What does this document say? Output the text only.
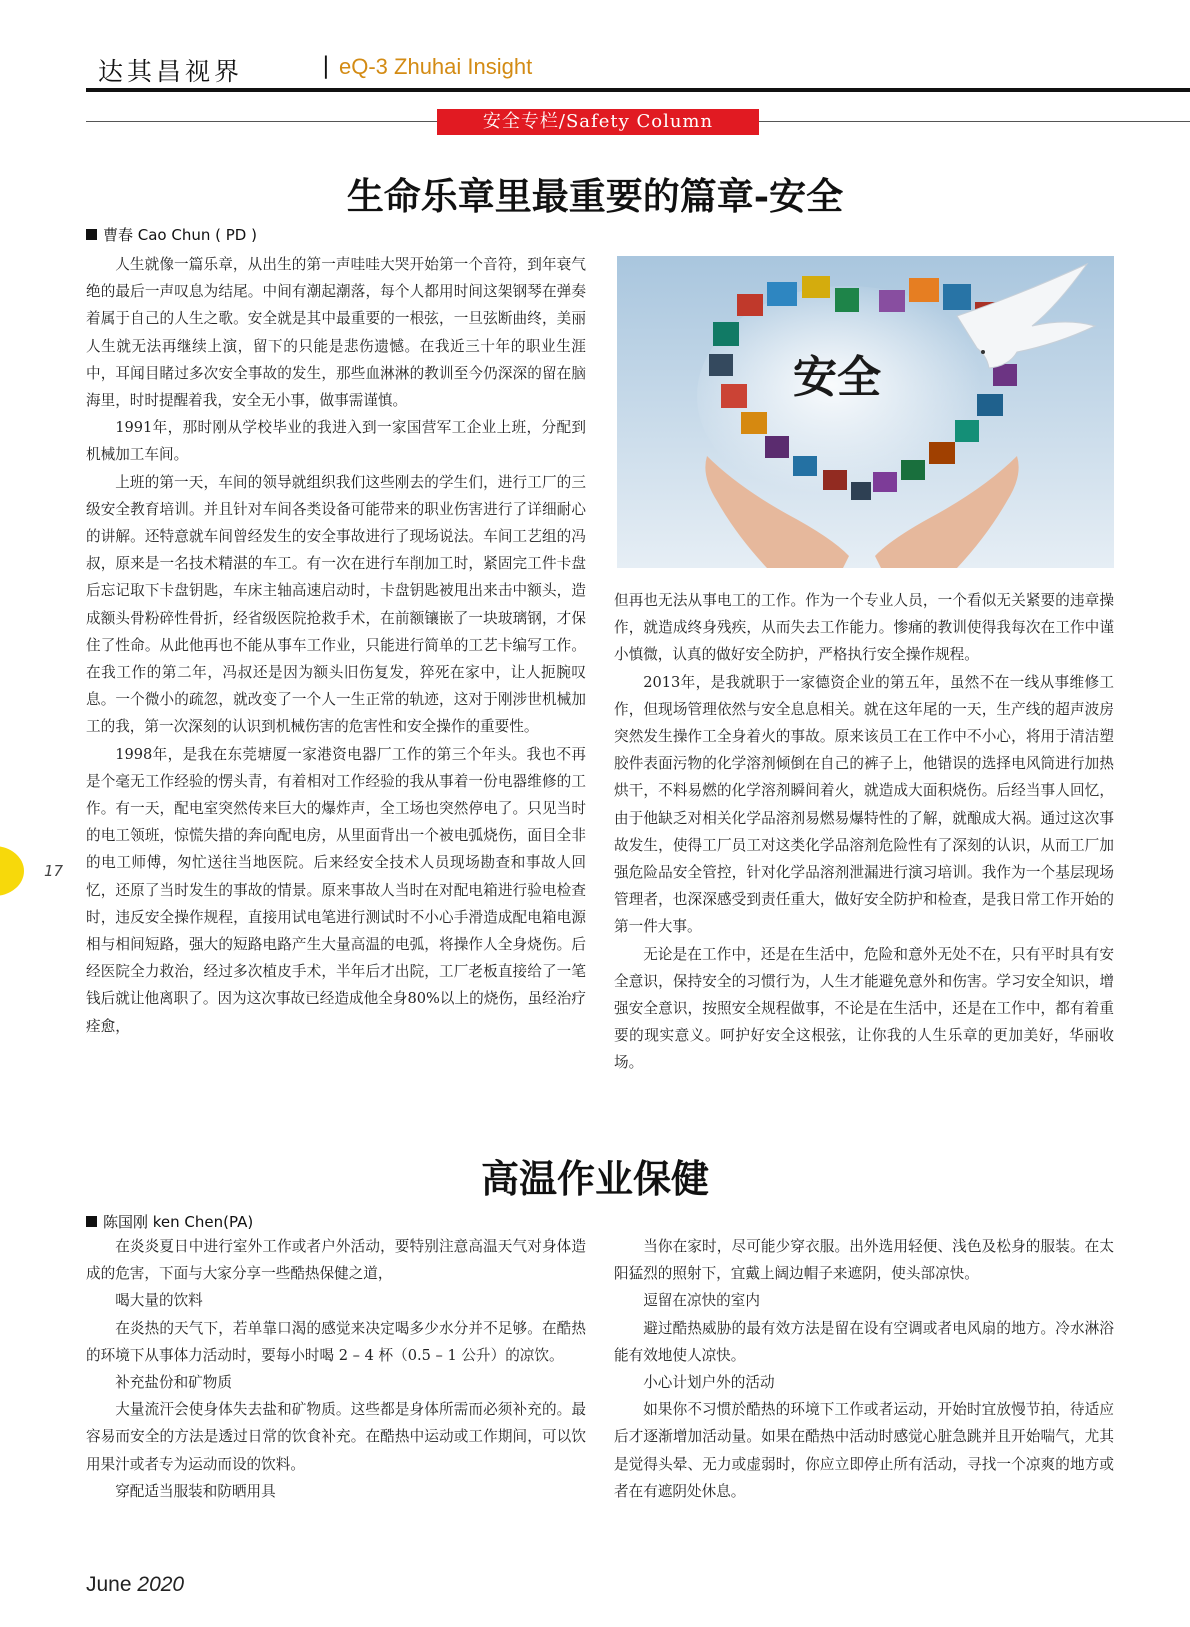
达其昌视界	| eQ-3 Zhuhai Insight
安全专栏/Safety Column
生命乐章里最重要的篇章-安全
曹春 Cao Chun ( PD )

人生就像一篇乐章，从出生的第一声哇哇大哭开始第一个音符，到年衰气绝的最后一声叹息为结尾。中间有潮起潮落，每个人都用时间这架钢琴在弹奏着属于自己的人生之歌。安全就是其中最重要的一根弦，一旦弦断曲终，美丽人生就无法再继续上演，留下的只能是悲伤遗憾。在我近三十年的职业生涯中，耳闻目睹过多次安全事故的发生，那些血淋淋的教训至今仍深深的留在脑海里，时时提醒着我，安全无小事，做事需谨慎。

1991年，那时刚从学校毕业的我进入到一家国营军工企业上班，分配到机械加工车间。

上班的第一天，车间的领导就组织我们这些刚去的学生们，进行工厂的三级安全教育培训。并且针对车间各类设备可能带来的职业伤害进行了详细耐心的讲解。还特意就车间曾经发生的安全事故进行了现场说法。车间工艺组的冯叔，原来是一名技术精湛的车工。有一次在进行车削加工时，紧固完工件卡盘后忘记取下卡盘钥匙，车床主轴高速启动时，卡盘钥匙被甩出来击中额头，造成额头骨粉碎性骨折，经省级医院抢救手术，在前额镶嵌了一块玻璃钢，才保住了性命。从此他再也不能从事车工作业，只能进行简单的工艺卡编写工作。在我工作的第二年，冯叔还是因为额头旧伤复发，猝死在家中，让人扼腕叹息。一个微小的疏忽，就改变了一个人一生正常的轨迹，这对于刚涉世机械加工的我，第一次深刻的认识到机械伤害的危害性和安全操作的重要性。

1998年，是我在东莞塘厦一家港资电器厂工作的第三个年头。我也不再是个毫无工作经验的愣头青，有着相对工作经验的我从事着一份电器维修的工作。有一天，配电室突然传来巨大的爆炸声，全工场也突然停电了。只见当时的电工领班，惊慌失措的奔向配电房，从里面背出一个被电弧烧伤，面目全非的电工师傅，匆忙送往当地医院。后来经安全技术人员现场勘查和事故人回忆，还原了当时发生的事故的情景。原来事故人当时在对配电箱进行验电检查时，违反安全操作规程，直接用试电笔进行测试时不小心手滑造成配电箱电源相与相间短路，强大的短路电路产生大量高温的电弧，将操作人全身烧伤。后经医院全力救治，经过多次植皮手术，半年后才出院，工厂老板直接给了一笔钱后就让他离职了。因为这次事故已经造成他全身80%以上的烧伤，虽经治疗痊愈，

安全

但再也无法从事电工的工作。作为一个专业人员，一个看似无关紧要的违章操作，就造成终身残疾，从而失去工作能力。惨痛的教训使得我每次在工作中谨小慎微，认真的做好安全防护，严格执行安全操作规程。

2013年，是我就职于一家德资企业的第五年，虽然不在一线从事维修工作，但现场管理依然与安全息息相关。就在这年尾的一天，生产线的超声波房突然发生操作工全身着火的事故。原来该员工在工作中不小心，将用于清洁塑胶件表面污物的化学溶剂倾倒在自己的裤子上，他错误的选择电风筒进行加热烘干，不料易燃的化学溶剂瞬间着火，就造成大面积烧伤。后经当事人回忆，由于他缺乏对相关化学品溶剂易燃易爆特性的了解，就酿成大祸。通过这次事故发生，使得工厂员工对这类化学品溶剂危险性有了深刻的认识，从而工厂加强危险品安全管控，针对化学品溶剂泄漏进行演习培训。我作为一个基层现场管理者，也深深感受到责任重大，做好安全防护和检查，是我日常工作开始的第一件大事。

无论是在工作中，还是在生活中，危险和意外无处不在，只有平时具有安全意识，保持安全的习惯行为，人生才能避免意外和伤害。学习安全知识，增强安全意识，按照安全规程做事，不论是在生活中，还是在工作中，都有着重要的现实意义。呵护好安全这根弦，让你我的人生乐章的更加美好，华丽收场。

高温作业保健
陈国刚 ken Chen(PA)

在炎炎夏日中进行室外工作或者户外活动，要特别注意高温天气对身体造成的危害，下面与大家分享一些酷热保健之道，

喝大量的饮料

在炎热的天气下，若单靠口渴的感觉来决定喝多少水分并不足够。在酷热的环境下从事体力活动时，要每小时喝 2 – 4 杯（0.5 – 1 公升）的凉饮。

补充盐份和矿物质

大量流汗会使身体失去盐和矿物质。这些都是身体所需而必须补充的。最容易而安全的方法是透过日常的饮食补充。在酷热中运动或工作期间，可以饮用果汁或者专为运动而设的饮料。

穿配适当服装和防晒用具

当你在家时，尽可能少穿衣服。出外选用轻便、浅色及松身的服装。在太阳猛烈的照射下，宜戴上阔边帽子来遮阴，使头部凉快。

逗留在凉快的室内

避过酷热威胁的最有效方法是留在设有空调或者电风扇的地方。冷水淋浴能有效地使人凉快。

小心计划户外的活动

如果你不习惯於酷热的环境下工作或者运动，开始时宜放慢节拍，待适应后才逐渐增加活动量。如果在酷热中活动时感觉心脏急跳并且开始喘气，尤其是觉得头晕、无力或虚弱时，你应立即停止所有活动，寻找一个凉爽的地方或者在有遮阴处休息。

17
June 2020
